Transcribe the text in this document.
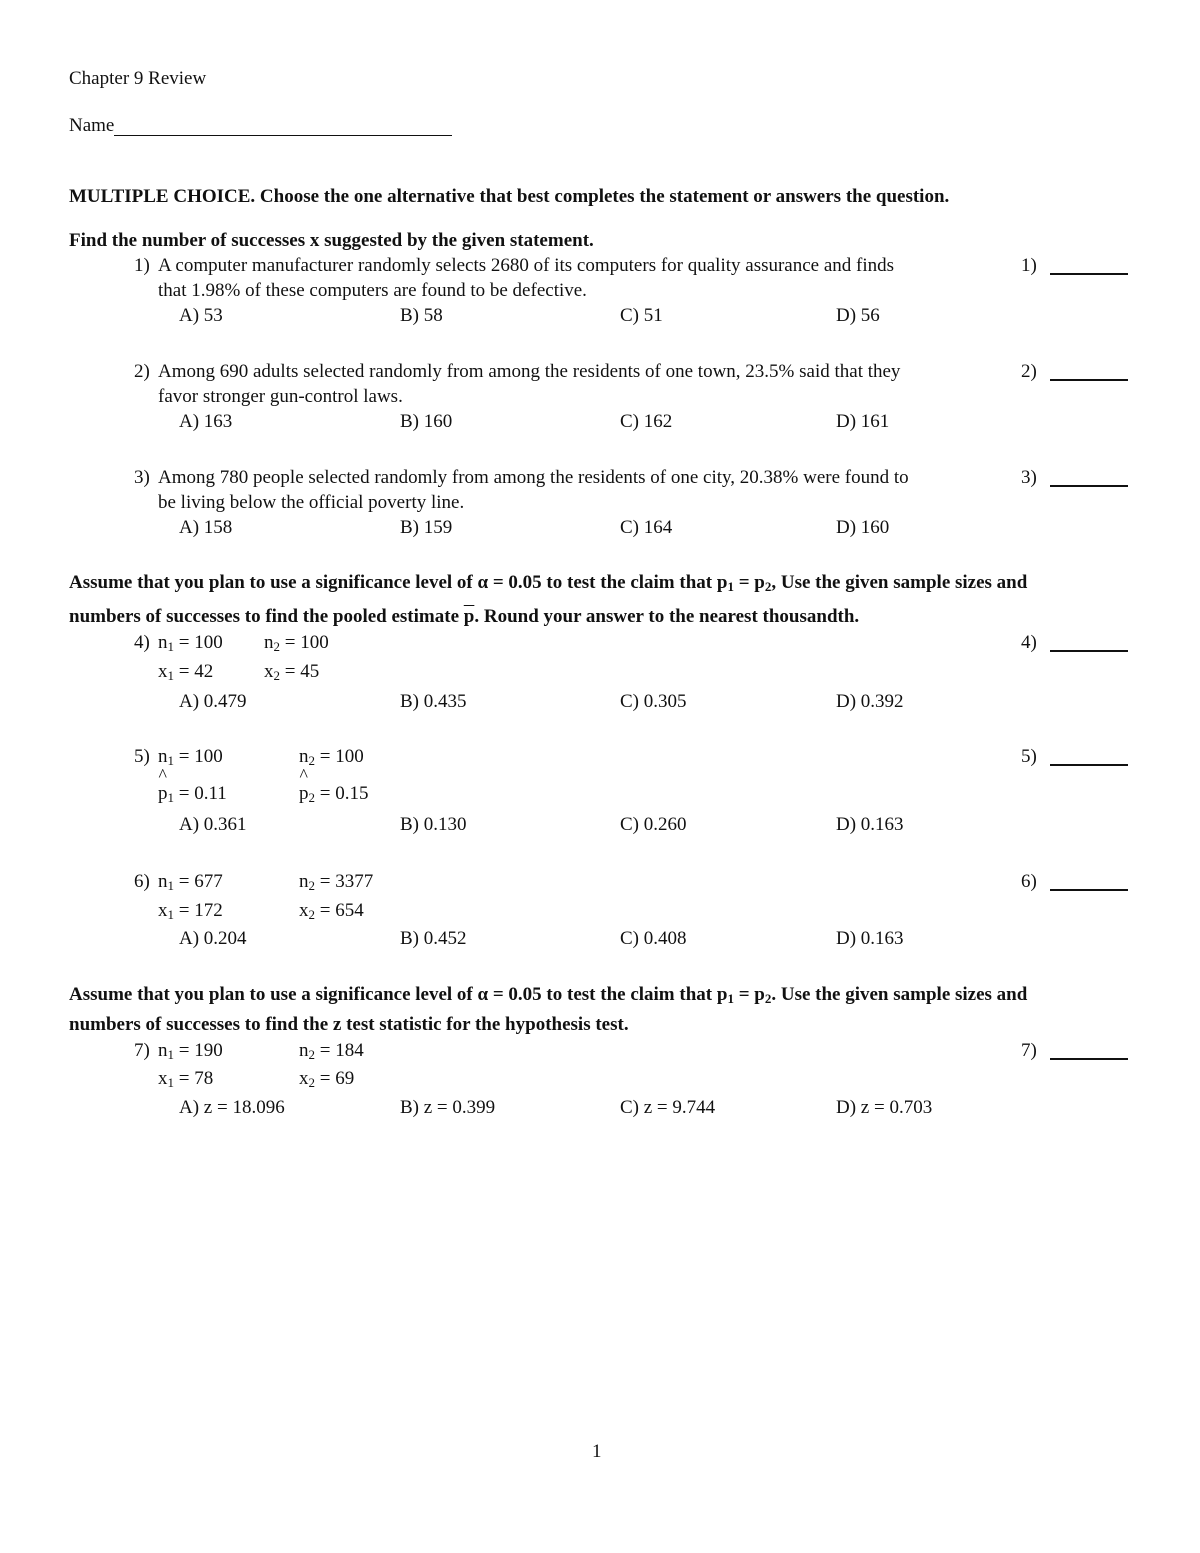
Chapter 9 Review
Name
MULTIPLE CHOICE. Choose the one alternative that best completes the statement or answers the question.
Find the number of successes x suggested by the given statement.
1) A computer manufacturer randomly selects 2680 of its computers for quality assurance and finds
that 1.98% of these computers are found to be defective.
A) 53	B) 58	C) 51	D) 56
1)
2) Among 690 adults selected randomly from among the residents of one town, 23.5% said that they
favor stronger gun-control laws.
A) 163	B) 160	C) 162	D) 161
2)
3) Among 780 people selected randomly from among the residents of one city, 20.38% were found to
be living below the official poverty line.
A) 158	B) 159	C) 164	D) 160
3)
Assume that you plan to use a significance level of α = 0.05 to test the claim that $p_1 = p_2$, Use the given sample sizes and
numbers of successes to find the pooled estimate $\overline{p}$. Round your answer to the nearest thousandth.
4) $n_1 = 100$ $n_2 = 100$
$x_1 = 42$	$x_2 = 45$
A) 0.479	B) 0.435	C) 0.305	D) 0.392
4)
5) $n_1 = 100$	$n_2 = 100$
^ $p_1 = 0.11$	^ $p_2 = 0.15$
A) 0.361	B) 0.130	C) 0.260	D) 0.163
5)
6) $n_1 = 677$	$n_2 = 3377$
$x_1 = 172$	$x_2 = 654$
A) 0.204	B) 0.452	C) 0.408	D) 0.163
6)
Assume that you plan to use a significance level of α = 0.05 to test the claim that $p_1 = p_2$. Use the given sample sizes and
numbers of successes to find the z test statistic for the hypothesis test.
7) $n_1 = 190$	$n_2 = 184$
$x_1 = 78$	$x_2 = 69$
A) z = 18.096	B) z = 0.399	C) z = 9.744	D) z = 0.703
7)
1
